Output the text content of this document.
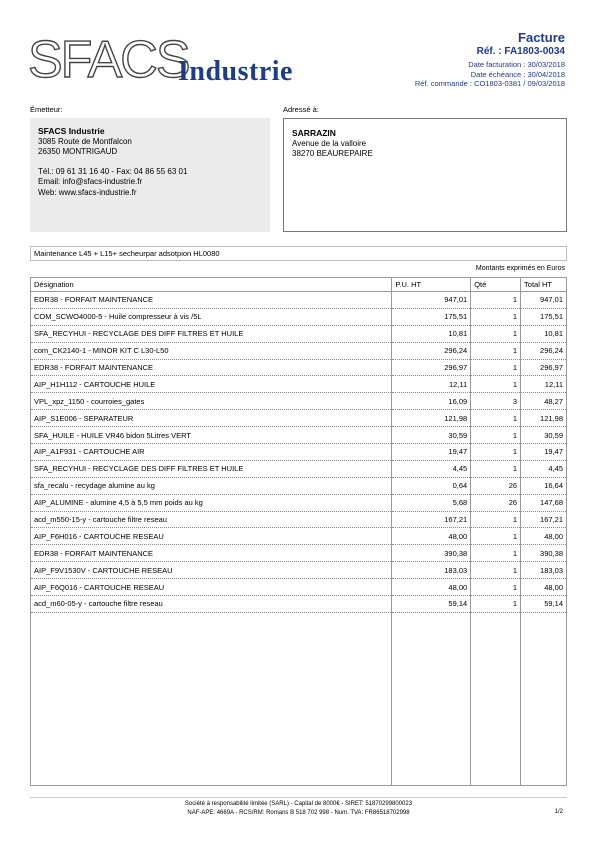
SFACS
Industrie
Facture
Réf. : FA1803-0034
Date facturation : 30/03/2018
Date échéance : 30/04/2018
Réf. commande : CO1803-0381 / 09/03/2018
Émetteur:	Adressé à:
SFACS Industrie
3085 Route de Montfalcon
26350 MONTRIGAUD
Tél.: 09 61 31 16 40 - Fax: 04 86 55 63 01
Email: info@sfacs-industrie.fr
Web: www.sfacs-industrie.fr
SARRAZIN
Avenue de la valloire
38270 BEAUREPAIRE
Maintenance L45 + L15+ secheurpar adsotpion HL0080
Montants exprimés en Euros
Désignation	P.U. HT	Qté	Total HT
EDR38 - FORFAIT MAINTENANCE	947,01	1	947,01
COM_SCWO4000-5 - Huile compresseur à vis /5L	175,51	1	175,51
SFA_RECYHUI - RECYCLAGE DES DIFF FILTRES ET HUILE	10,81	1	10,81
com_CK2140-1 - MINOR KIT C L30-L50	296,24	1	296,24
EDR38 - FORFAIT MAINTENANCE	296,97	1	296,97
AIP_H1H112 - CARTOUCHE HUILE	12,11	1	12,11
VPL_xpz_1150 - courroies_gates	16,09	3	48,27
AIP_S1E006 - SEPARATEUR	121,98	1	121,98
SFA_HUILE - HUILE VR46 bidon 5Litres VERT	30,59	1	30,59
AIP_A1F931 - CARTOUCHE AIR	19,47	1	19,47
SFA_RECYHUI - RECYCLAGE DES DIFF FILTRES ET HUILE	4,45	1	4,45
sfa_recalu - recydage alumine au kg	0,64	26	16,64
AIP_ALUMINE - alumine 4,5 à 5,5 mm poids au kg	5,68	26	147,68
acd_m550-15-y - cartouche filtre reseau	167,21	1	167,21
AIP_F6H016 - CARTOUCHE RESEAU	48,00	1	48,00
EDR38 - FORFAIT MAINTENANCE	390,38	1	390,38
AIP_F9V1530V - CARTOUCHE RESEAU	183,03	1	183,03
AIP_F6Q016 - CARTOUCHE RESEAU	48,00	1	48,00
acd_m60-05-y - cartouche filtre reseau	59,14	1	59,14

Société à responsabilité limitée (SARL) - Capital de 8000€ - SIRET: 51870299800023
NAF-APE: 4669A - RCS/RM: Romans B 518 702 998 - Num. TVA: FR86518702998	1/2
